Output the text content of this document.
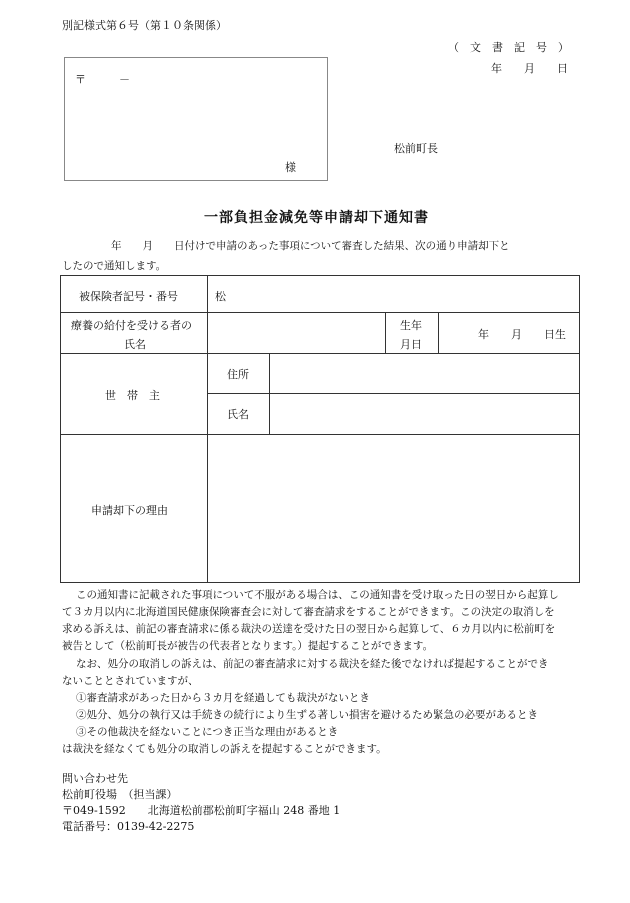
別記様式第６号（第１０条関係）
（　文　書　記　号　）
年　　月　　日
〒　　　－
様
松前町長
一部負担金減免等申請却下通知書
　　年　　月　　日付けで申請のあった事項について審査した結果、次の通り申請却下と
したので通知します。
被保険者記号・番号	松
療養の給付を受ける者の
氏名
生年
月日
年　　月　　日生
世　帯　主
住所
氏名
申請却下の理由
この通知書に記載された事項について不服がある場合は、この通知書を受け取った日の翌日から起算し
て３カ月以内に北海道国民健康保険審査会に対して審査請求をすることができます。この決定の取消しを
求める訴えは、前記の審査請求に係る裁決の送達を受けた日の翌日から起算して、６カ月以内に松前町を
被告として（松前町長が被告の代表者となります。）提起することができます。
なお、処分の取消しの訴えは、前記の審査請求に対する裁決を経た後でなければ提起することができ
ないこととされていますが、
①審査請求があった日から３カ月を経過しても裁決がないとき
②処分、処分の執行又は手続きの続行により生ずる著しい損害を避けるため緊急の必要があるとき
③その他裁決を経ないことにつき正当な理由があるとき
は裁決を経なくても処分の取消しの訴えを提起することができます。
問い合わせ先
松前町役場　（担当課）
〒049-1592　　北海道松前郡松前町字福山 248 番地 1
電話番号：0139-42-2275
